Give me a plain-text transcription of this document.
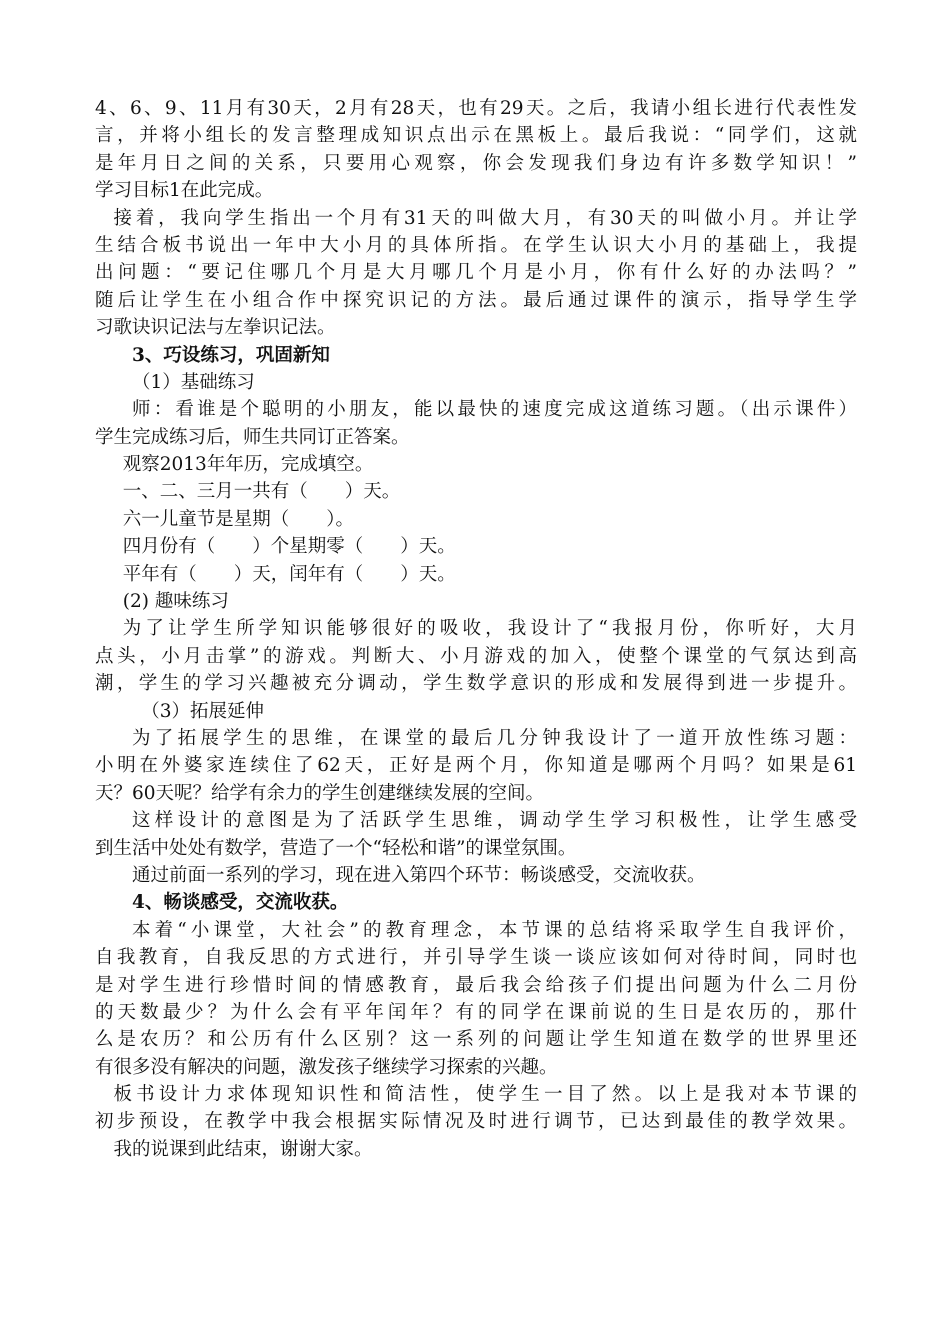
4、6、9、11月有30天，2月有28天，也有29天。之后，我请小组长进行代表性发
言，并将小组长的发言整理成知识点出示在黑板上。最后我说：“同学们，这就
是年月日之间的关系，只要用心观察，你会发现我们身边有许多数学知识！”
学习目标1在此完成。
接着，我向学生指出一个月有31天的叫做大月，有30天的叫做小月。并让学
生结合板书说出一年中大小月的具体所指。在学生认识大小月的基础上，我提
出问题：“要记住哪几个月是大月哪几个月是小月，你有什么好的办法吗？”
随后让学生在小组合作中探究识记的方法。最后通过课件的演示，指导学生学
习歌诀识记法与左拳识记法。
3、巧设练习，巩固新知
（1）基础练习
师：看谁是个聪明的小朋友，能以最快的速度完成这道练习题。（出示课件）
学生完成练习后，师生共同订正答案。
观察2013年年历，完成填空。
一、二、三月一共有（　　）天。
六一儿童节是星期（　　）。
四月份有（　　）个星期零（　　）天。
平年有（　　）天，闰年有（　　）天。
(2) 趣味练习
为了让学生所学知识能够很好的吸收，我设计了“我报月份，你听好，大月
点头，小月击掌”的游戏。判断大、小月游戏的加入，使整个课堂的气氛达到高
潮，学生的学习兴趣被充分调动，学生数学意识的形成和发展得到进一步提升。
（3）拓展延伸
为了拓展学生的思维，在课堂的最后几分钟我设计了一道开放性练习题：
小明在外婆家连续住了62天，正好是两个月，你知道是哪两个月吗？如果是61
天？60天呢？给学有余力的学生创建继续发展的空间。
这样设计的意图是为了活跃学生思维，调动学生学习积极性，让学生感受
到生活中处处有数学，营造了一个“轻松和谐”的课堂氛围。
通过前面一系列的学习，现在进入第四个环节：畅谈感受，交流收获。
4、畅谈感受，交流收获。
本着“小课堂，大社会”的教育理念，本节课的总结将采取学生自我评价，
自我教育，自我反思的方式进行，并引导学生谈一谈应该如何对待时间，同时也
是对学生进行珍惜时间的情感教育，最后我会给孩子们提出问题为什么二月份
的天数最少？为什么会有平年闰年？有的同学在课前说的生日是农历的，那什
么是农历？和公历有什么区别？这一系列的问题让学生知道在数学的世界里还
有很多没有解决的问题，激发孩子继续学习探索的兴趣。
板书设计力求体现知识性和简洁性，使学生一目了然。以上是我对本节课的
初步预设，在教学中我会根据实际情况及时进行调节，已达到最佳的教学效果。
我的说课到此结束，谢谢大家。
